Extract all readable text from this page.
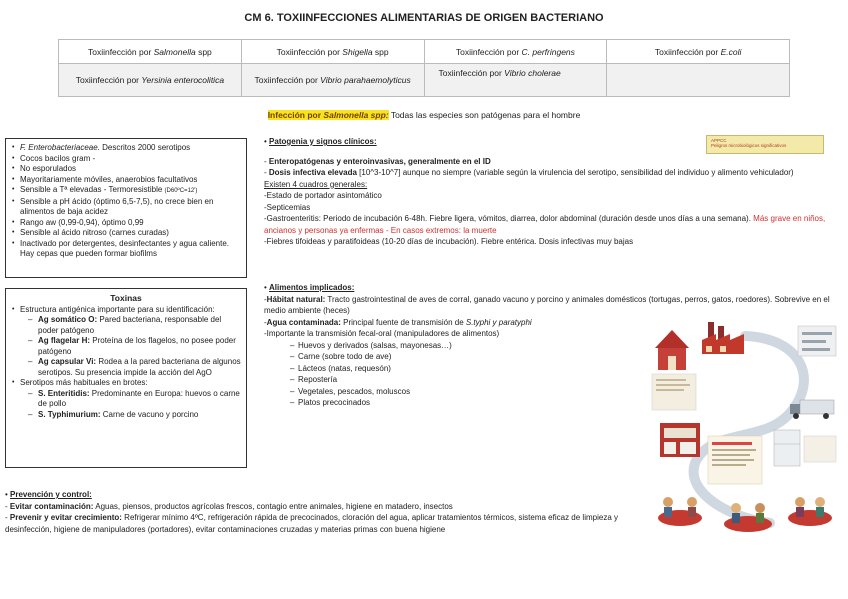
CM 6. TOXIINFECCIONES ALIMENTARIAS DE ORIGEN BACTERIANO
Toxiinfección por Salmonella spp	Toxiinfección por Shigella spp	Toxiinfección por C. perfringens	Toxiinfección por E.coli
Toxiinfección por Yersinia enterocolitica	Toxiinfección por Vibrio parahaemolyticus	Toxiinfección por Vibrio cholerae	
Infección por Salmonella spp: Todas las especies son patógenas para el hombre
• F. Enterobacteriaceae. Descritos 2000 serotipos
• Cocos bacilos gram -
• No esporulados
• Mayoritariamente móviles, anaerobios facultativos
• Sensible a Tª elevadas - Termoresistible (D60ºC=12')
• Sensible a pH ácido (óptimo 6,5-7,5), no crece bien en alimentos de baja acidez
• Rango aw (0,99-0,94), óptimo 0,99
• Sensible al ácido nitroso (carnes curadas)
• Inactivado por detergentes, desinfectantes y agua caliente. Hay cepas que pueden formar biofilms
Toxinas
• Estructura antigénica importante para su identificación:
– Ag somático O: Pared bacteriana, responsable del poder patógeno
– Ag flagelar H: Proteína de los flagelos, no posee poder patógeno
– Ag capsular Vi: Rodea a la pared bacteriana de algunos serotipos. Su presencia impide la acción del AgO
• Serotipos más habituales en brotes:
– S. Enteritidis: Predominante en Europa: huevos o carne de pollo
– S. Typhimurium: Carne de vacuno y porcino

• Patogenia y signos clínicos:

- Enteropatógenas y enteroinvasivas, generalmente en el ID

- Dosis infectiva elevada [10^3-10^7] aunque no siempre (variable según la virulencia del serotipo, sensibilidad del individuo y alimento vehiculador)

Existen 4 cuadros generales:

-Estado de portador asintomático

-Septicemias

-Gastroenteritis: Periodo de incubación 6-48h. Fiebre ligera, vómitos, diarrea, dolor abdominal (duración desde unos días a una semana). Más grave en niños, ancianos y personas ya enfermas - En casos extremos: la muerte

-Fiebres tifoideas y paratifoideas (10-20 días de incubación). Fiebre entérica. Dosis infectivas muy bajas

APPCC
Peligros microbiológicos significativos

• Alimentos implicados:

-Hábitat natural: Tracto gastrointestinal de aves de corral, ganado vacuno y porcino y animales domésticos (tortugas, perros, gatos, roedores). Sobrevive en el medio ambiente (heces)

-Agua contaminada: Principal fuente de transmisión de S.typhi y paratyphi

-Importante la transmisión fecal-oral (manipuladores de alimentos)

– Huevos y derivados (salsas, mayonesas…)
– Carne (sobre todo de ave)
– Lácteos (natas, requesón)
– Repostería
– Vegetales, pescados, moluscos
– Platos precocinados

• Prevención y control:

- Evitar contaminación: Aguas, piensos, productos agrícolas frescos, contagio entre animales, higiene en matadero, insectos

- Prevenir y evitar crecimiento: Refrigerar mínimo 4ºC, refrigeración rápida de precocinados, cloración del agua, aplicar tratamientos térmicos, sistema eficaz de limpieza y desinfección, higiene de manipuladores (portadores), evitar contaminaciones cruzadas y materias primas con buena higiene
